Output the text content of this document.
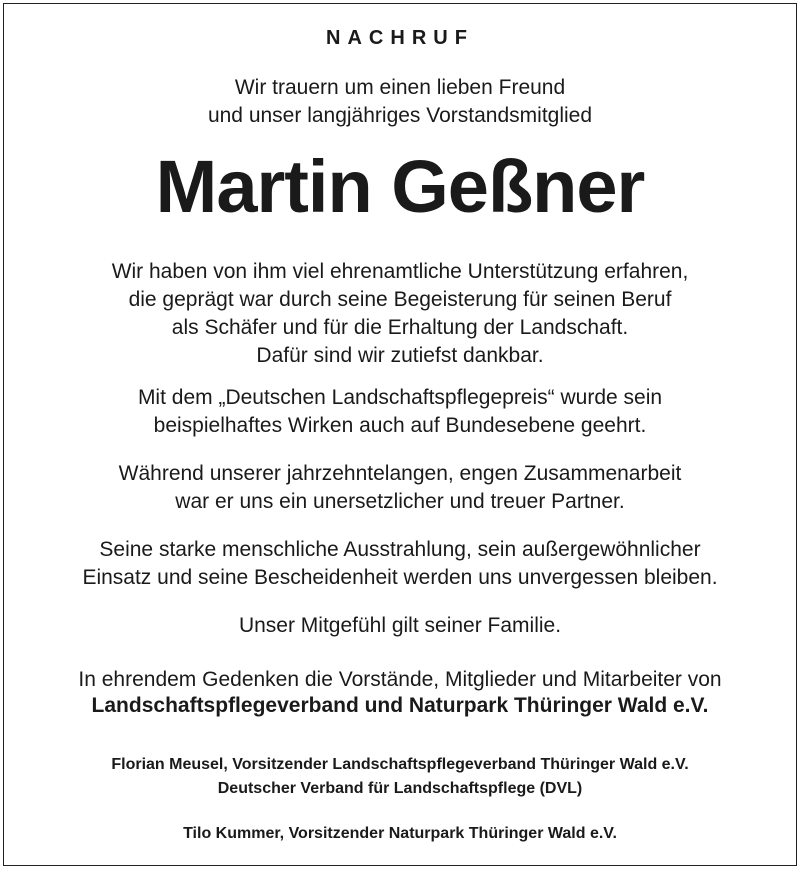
NACHRUF
Wir trauern um einen lieben Freund
und unser langjähriges Vorstandsmitglied
Martin Geßner
Wir haben von ihm viel ehrenamtliche Unterstützung erfahren,
die geprägt war durch seine Begeisterung für seinen Beruf
als Schäfer und für die Erhaltung der Landschaft.
Dafür sind wir zutiefst dankbar.
Mit dem „Deutschen Landschaftspflegepreis“ wurde sein
beispielhaftes Wirken auch auf Bundesebene geehrt.
Während unserer jahrzehntelangen, engen Zusammenarbeit
war er uns ein unersetzlicher und treuer Partner.
Seine starke menschliche Ausstrahlung, sein außergewöhnlicher
Einsatz und seine Bescheidenheit werden uns unvergessen bleiben.
Unser Mitgefühl gilt seiner Familie.
In ehrendem Gedenken die Vorstände, Mitglieder und Mitarbeiter von
Landschaftspflegeverband und Naturpark Thüringer Wald e.V.
Florian Meusel, Vorsitzender Landschaftspflegeverband Thüringer Wald e.V.
Deutscher Verband für Landschaftspflege (DVL)
Tilo Kummer, Vorsitzender Naturpark Thüringer Wald e.V.
